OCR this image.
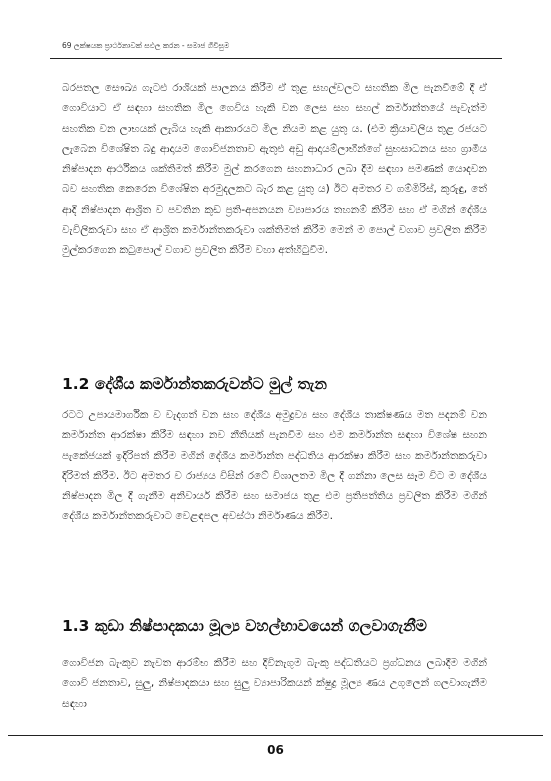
69 ලක්ෂයක ප්‍රාර්ථනාවක් සඵල කරන - සමාජ ගිවිසුම

බරපතල සෞඛ්‍ය ගැටළු රාශියක් පාලනය කිරීම ඒ තුළ සහල්වලට සහතික මිල පැනවීමේ දී ඒ ගොවියාට ඒ සඳහා සහතික මිල ගෙවිය හැකි වන ලෙස සහ සහල් කර්මාන්තයේ පැවැත්ම සහතික වන ලාභයක් ලැබිය හැකි ආකාරයට මිල නියම කළ යුතු ය. (එම ක්‍රියාවලිය තුළ රජයට ලැබෙන විශේෂිත බදු ආදායම ගොවිජනතාව ඇතුළු අඩු ආදායම්ලාභීන්ගේ සුභසාධනය සහ ග්‍රාමීය නිෂ්පාදන ආර්ථිකය ශක්තිමත් කිරීම මුල් කරගෙන සහනාධාර ලබා දීම සඳහා පමණක් යොදවන බව සහතික කෙරෙන විශේෂිත අරමුදලකට බැර කළ යුතු ය) ඊට අමතර ව ගම්මිරිස්, කුරුඳු, තේ ආදි නිෂ්පාදන ආශ්‍රිත ව පවතින කුඩ ප්‍රති-අපනයන ව්‍යාපාරය තහනම් කිරීම සහ ඒ මගින් දේශීය වැවිලිකරුවා සහ ඒ ආශ්‍රිත කර්මාන්තකරුවා ශක්තිමත් කිරීම මෙන් ම පොල් වගාව ප්‍රවලිත කිරීම මුල්කරගෙන කටුපොල් වගාව ප්‍රවලිත කිරීම වහා අත්හිටුවීම.

1.2 දේශීය කර්මාන්තකරුවන්ට මුල් තැන

රටට උපායමාර්ගික ව වැදගත් වන සහ දේශීය අමුද්‍රව්‍ය සහ දේශීය තාක්ෂණය මත පදනම් වන කර්මාන්ත ආරක්ෂා කිරීම සඳහා නව නීතියක් පැනවීම සහ එම කර්මාන්ත සඳහා විශේෂ සහන පැකේජයක් ඉදිරිපත් කිරීම මගින් දේශීය කර්මාන්ත පද්ධතිය ආරක්ෂා කිරීම සහ කර්මාන්තකරුවා දිරිමත් කිරීම. ඊට අමතර ව රාජ්‍යය විසින් රටේ විශාලතම මිල දී ගන්නා ලෙස සෑම විට ම දේශීය නිෂ්පාදන මිල දී ගැනීම අනිවාර්ය කිරීම සහ සමාජය තුළ එම ප්‍රතිපත්තිය ප්‍රවලිත කිරීම මගින් දේශීය කර්මාන්තකරුවාට වෙළඳපල අවස්ථා නිර්මාණය කිරීම.

1.3 කුඩා නිෂ්පාදකයා මූල්‍ය වහල්භාවයෙන් ගලවාගැනීම

ගොවිජන බැංකුව නැවත ආරම්භ කිරීම සහ දිවිනැගුම බැංකු පද්ධතියට ප්‍රග්ධනය ලබාදීම මගින් ගොවි ජනතාව, සුලු, නිෂ්පාදකයා සහ සුලු ව්‍යාපාරිකයන් ක්ෂුද්‍ර මූල්‍ය ණය උගුලෙන් ගලවාගැනීම සඳහා

06
